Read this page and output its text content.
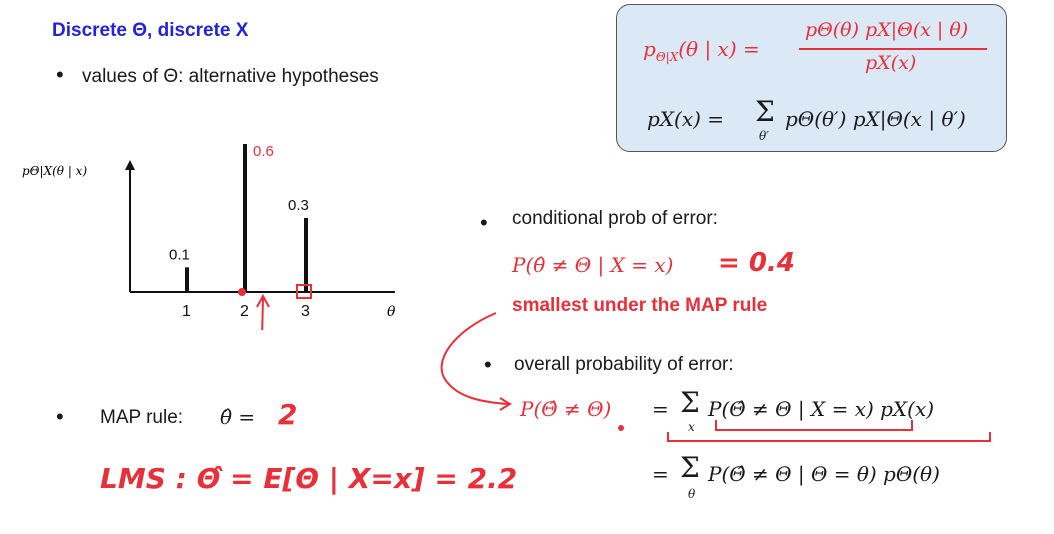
Discrete Θ, discrete X
• values of Θ: alternative hypotheses
$p_{\Theta|X}(\theta$ | x) =
pΘ(θ) pX|Θ(x | θ)
pX(x)
pX(x) = Σ
θ′
pΘ(θ′) pX|Θ(x | θ′)
pΘ|X(θ | x)
θ
0.1
1
0.6
2
0.3
3
• conditional prob of error:
P(θ̂ ≠ Θ | X = x) = 0.4
smallest under the MAP rule
• overall probability of error:
P(Θ̂ ≠ Θ) = Σ
x
P(Θ̂ ≠ Θ | X = x) pX(x)
= Σ
θ
P(Θ̂ ≠ Θ | Θ = θ) pΘ(θ)
• MAP rule: θ̂ = 2
LMS : Θ̂ = E[Θ | X=x] = 2.2
